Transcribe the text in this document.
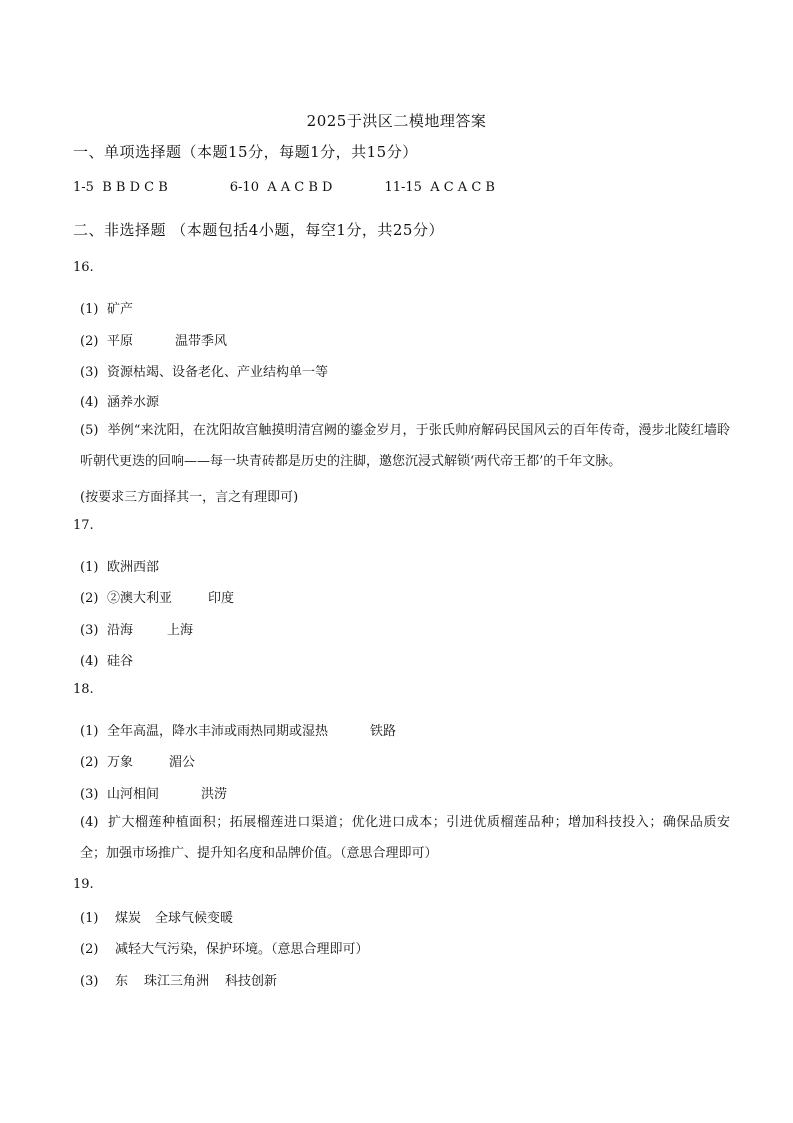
2025于洪区二模地理答案
一、单项选择题（本题15分，每题1分，共15分）
1-5  B B D C B	6-10  A A C B D	11-15  A C A C B
二、非选择题 （本题包括4小题，每空1分，共25分）
16.
(1) 矿产
(2) 平原	温带季风
(3) 资源枯竭、设备老化、产业结构单一等
(4) 涵养水源
(5) 举例“来沈阳，在沈阳故宫触摸明清宫阙的鎏金岁月，于张氏帅府解码民国风云的百年传奇，漫步北陵红墙聆听朝代更迭的回响——每一块青砖都是历史的注脚，邀您沉浸式解锁‘两代帝王都’的千年文脉。
(按要求三方面择其一，言之有理即可)
17.
(1) 欧洲西部
(2) ②澳大利亚	印度
(3) 沿海	上海
(4) 硅谷
18.
(1) 全年高温，降水丰沛或雨热同期或湿热	铁路
(2) 万象	湄公
(3) 山河相间	洪涝
(4) 扩大榴莲种植面积；拓展榴莲进口渠道；优化进口成本；引进优质榴莲品种；增加科技投入；确保品质安全；加强市场推广、提升知名度和品牌价值。（意思合理即可）
19.
(1) 煤炭 全球气候变暖
(2) 减轻大气污染，保护环境。（意思合理即可）
(3) 东 珠江三角洲 科技创新
